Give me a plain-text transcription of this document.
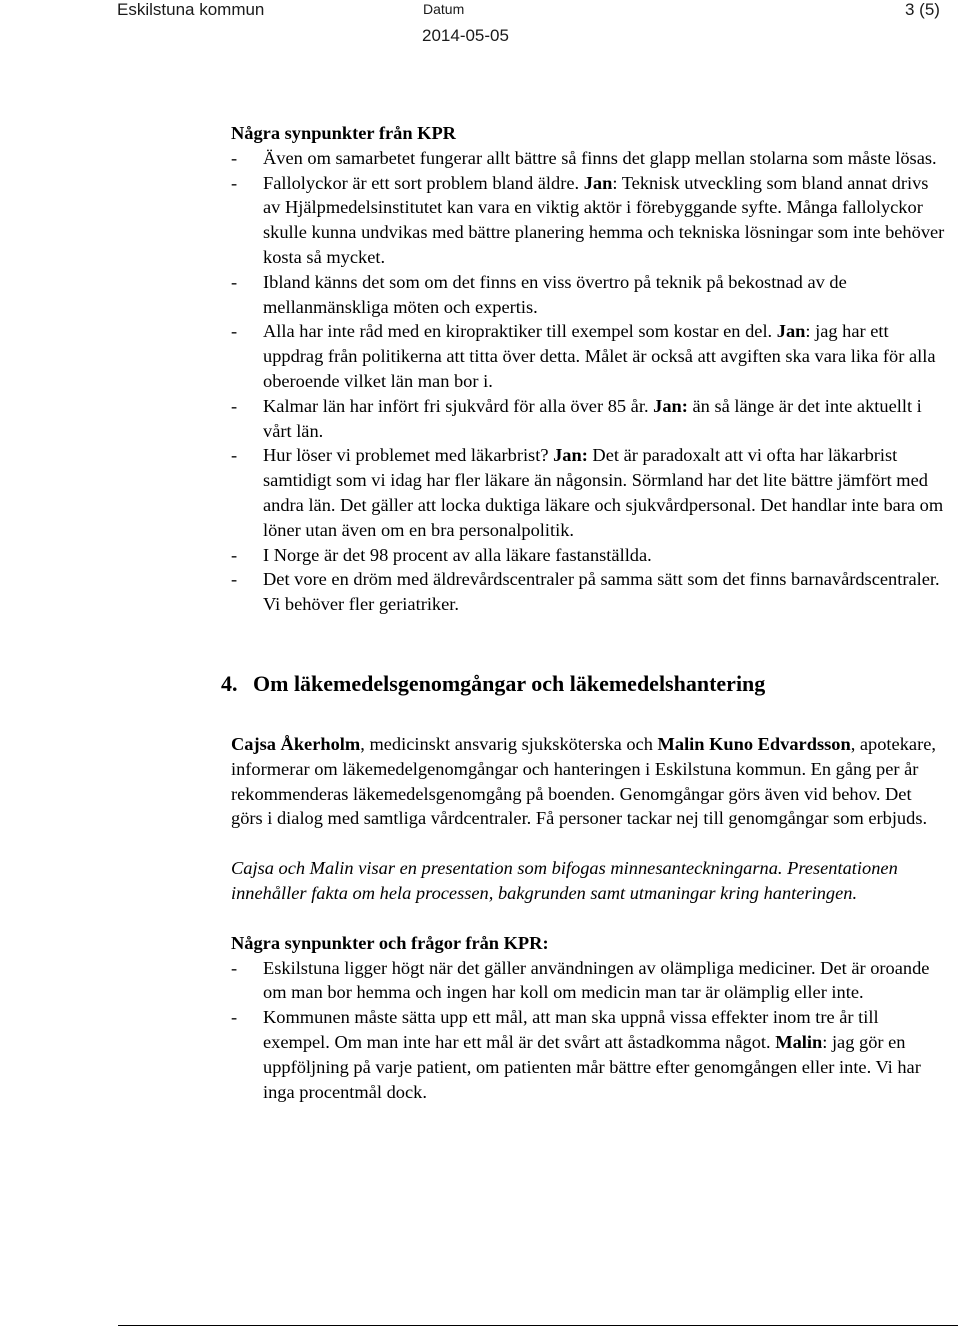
Eskilstuna kommun	Datum
2014-05-05
3 (5)

Några synpunkter från KPR

- Även om samarbetet fungerar allt bättre så finns det glapp mellan stolarna som måste lösas.
- Fallolyckor är ett sort problem bland äldre. Jan: Teknisk utveckling som bland annat drivs av Hjälpmedelsinstitutet kan vara en viktig aktör i förebyggande syfte. Många fallolyckor skulle kunna undvikas med bättre planering hemma och tekniska lösningar som inte behöver kosta så mycket.
- Ibland känns det som om det finns en viss övertro på teknik på bekostnad av de mellanmänskliga möten och expertis.
- Alla har inte råd med en kiropraktiker till exempel som kostar en del. Jan: jag har ett uppdrag från politikerna att titta över detta. Målet är också att avgiften ska vara lika för alla oberoende vilket län man bor i.
- Kalmar län har infört fri sjukvård för alla över 85 år. Jan: än så länge är det inte aktuellt i vårt län.
- Hur löser vi problemet med läkarbrist? Jan: Det är paradoxalt att vi ofta har läkarbrist samtidigt som vi idag har fler läkare än någonsin. Sörmland har det lite bättre jämfört med andra län. Det gäller att locka duktiga läkare och sjukvårdpersonal. Det handlar inte bara om löner utan även om en bra personalpolitik.
- I Norge är det 98 procent av alla läkare fastanställda.
- Det vore en dröm med äldrevårdscentraler på samma sätt som det finns barnavårdscentraler. Vi behöver fler geriatriker.

4. Om läkemedelsgenomgångar och läkemedelshantering

Cajsa Åkerholm, medicinskt ansvarig sjuksköterska och Malin Kuno Edvardsson, apotekare, informerar om läkemedelgenomgångar och hanteringen i Eskilstuna kommun. En gång per år rekommenderas läkemedelsgenomgång på boenden. Genomgångar görs även vid behov. Det görs i dialog med samtliga vårdcentraler. Få personer tackar nej till genomgångar som erbjuds.

Cajsa och Malin visar en presentation som bifogas minnesanteckningarna. Presentationen innehåller fakta om hela processen, bakgrunden samt utmaningar kring hanteringen.

Några synpunkter och frågor från KPR:

- Eskilstuna ligger högt när det gäller användningen av olämpliga mediciner. Det är oroande om man bor hemma och ingen har koll om medicin man tar är olämplig eller inte.
- Kommunen måste sätta upp ett mål, att man ska uppnå vissa effekter inom tre år till exempel. Om man inte har ett mål är det svårt att åstadkomma något. Malin: jag gör en uppföljning på varje patient, om patienten mår bättre efter genomgången eller inte. Vi har inga procentmål dock.
